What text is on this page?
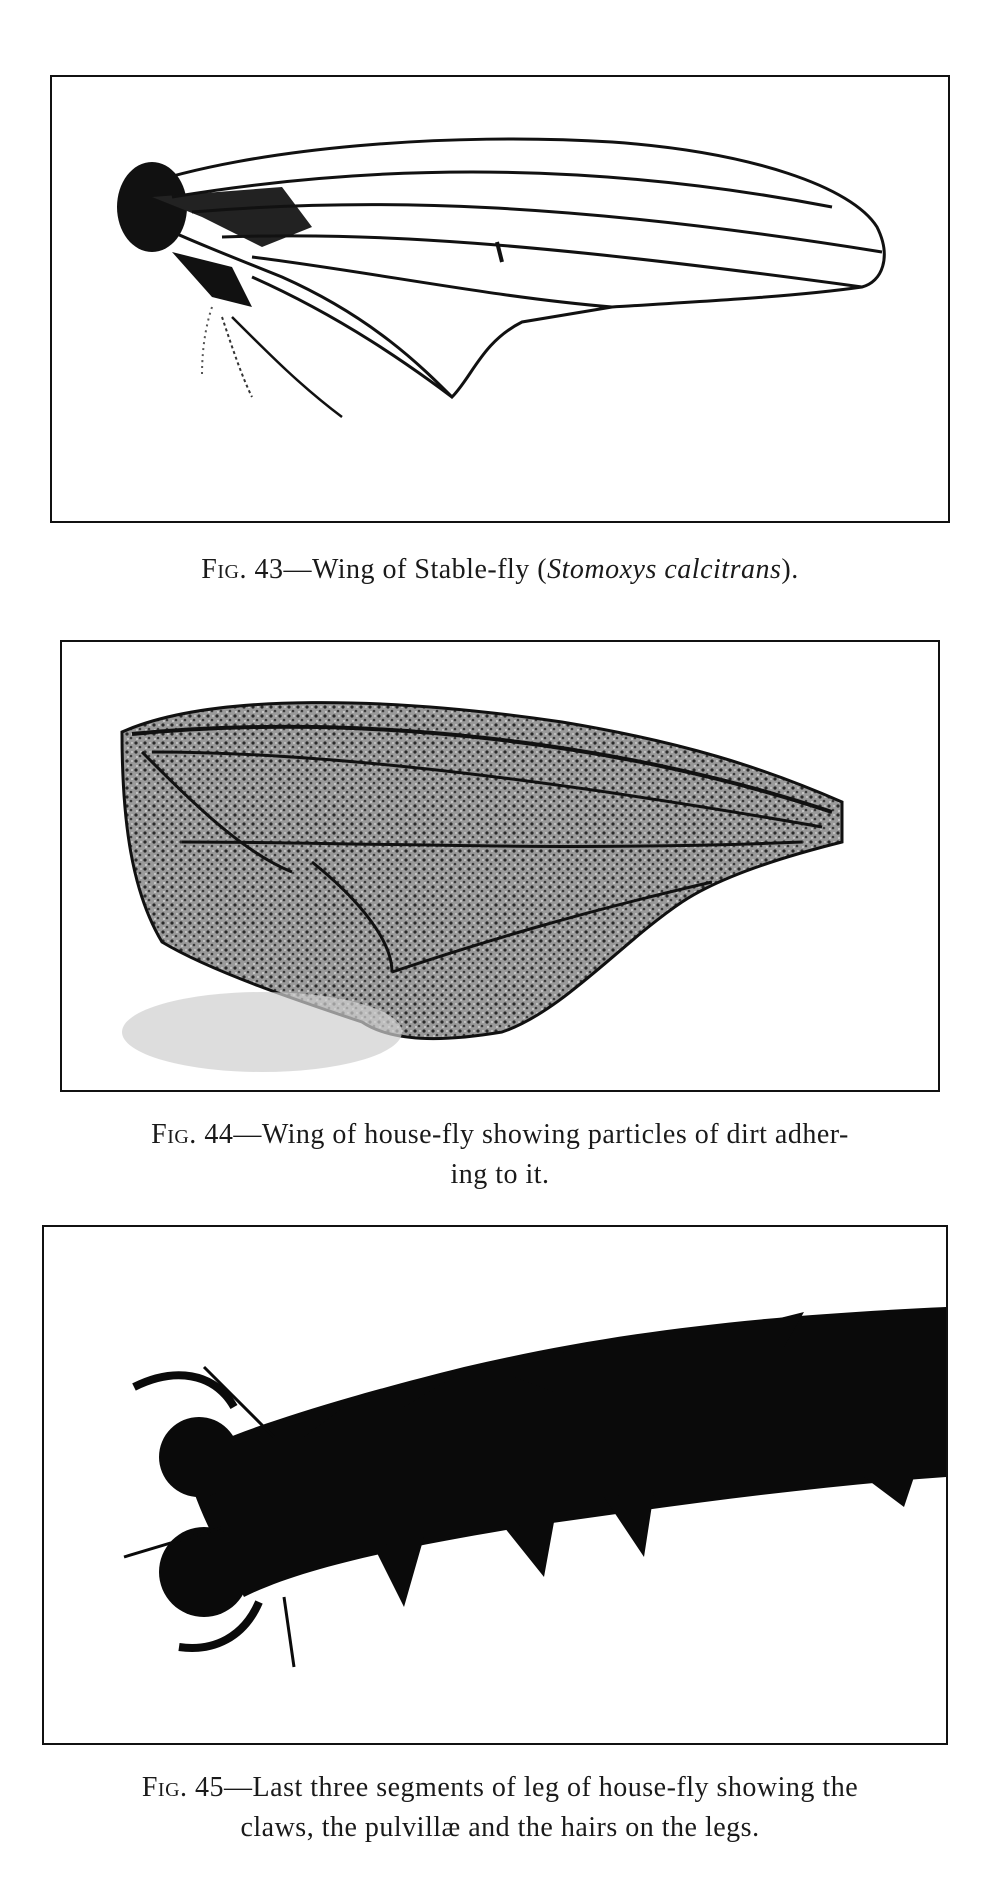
Fig. 43—Wing of Stable-fly (Stomoxys calcitrans).
Fig. 44—Wing of house-fly showing particles of dirt adher-
ing to it.
Fig. 45—Last three segments of leg of house-fly showing the
claws, the pulvillæ and the hairs on the legs.
